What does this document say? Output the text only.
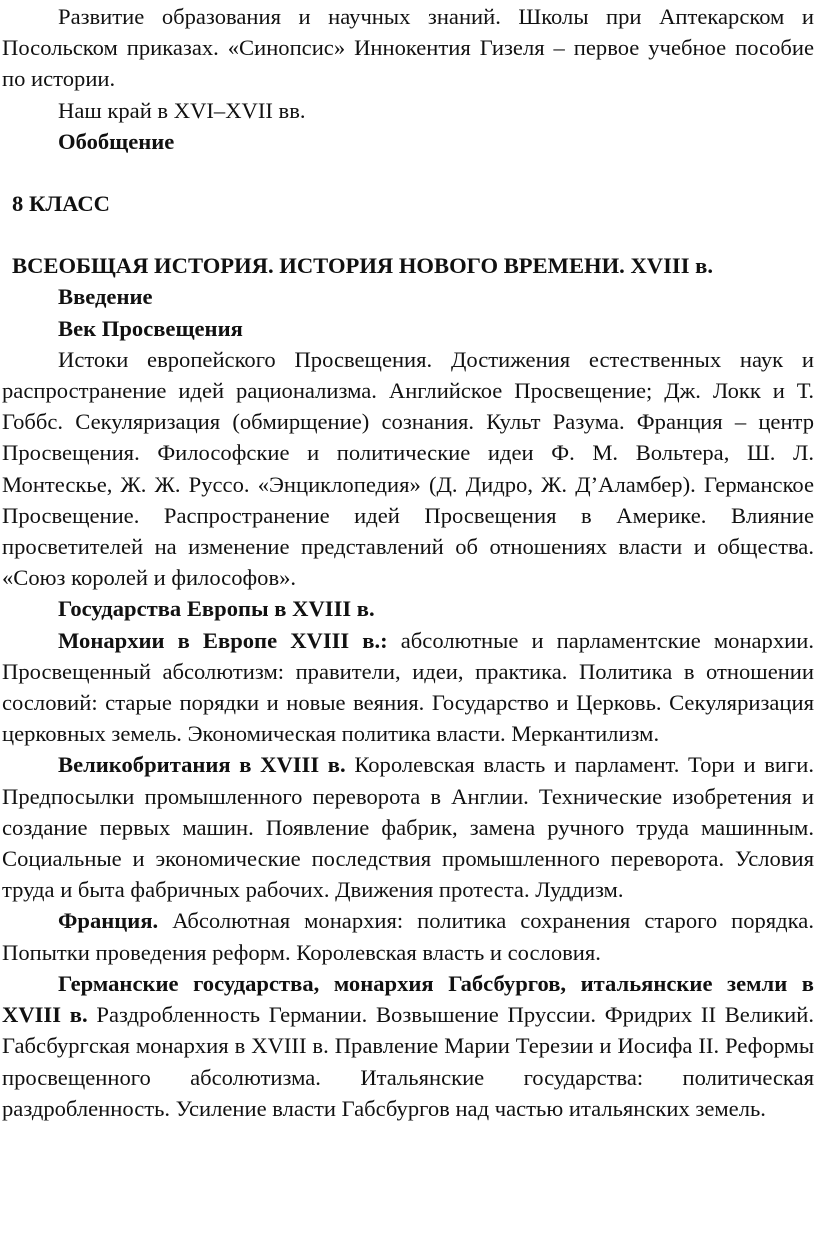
Развитие образования и научных знаний. Школы при Аптекарском и Посольском приказах. «Синопсис» Иннокентия Гизеля – первое учебное пособие по истории.

Наш край в XVI–XVII вв.

Обобщение

8 КЛАСС

ВСЕОБЩАЯ ИСТОРИЯ. ИСТОРИЯ НОВОГО ВРЕМЕНИ. XVIII в.

Введение

Век Просвещения

Истоки европейского Просвещения. Достижения естественных наук и распространение идей рационализма. Английское Просвещение; Дж. Локк и Т. Гоббс. Секуляризация (обмирщение) сознания. Культ Разума. Франция – центр Просвещения. Философские и политические идеи Ф. М. Вольтера, Ш. Л. Монтескье, Ж. Ж. Руссо. «Энциклопедия» (Д. Дидро, Ж. Д’Аламбер). Германское Просвещение. Распространение идей Просвещения в Америке. Влияние просветителей на изменение представлений об отношениях власти и общества. «Союз королей и философов».

Государства Европы в XVIII в.

Монархии в Европе XVIII в.: абсолютные и парламентские монархии. Просвещенный абсолютизм: правители, идеи, практика. Политика в отношении сословий: старые порядки и новые веяния. Государство и Церковь. Секуляризация церковных земель. Экономическая политика власти. Меркантилизм.

Великобритания в XVIII в. Королевская власть и парламент. Тори и виги. Предпосылки промышленного переворота в Англии. Технические изобретения и создание первых машин. Появление фабрик, замена ручного труда машинным. Социальные и экономические последствия промышленного переворота. Условия труда и быта фабричных рабочих. Движения протеста. Луддизм.

Франция. Абсолютная монархия: политика сохранения старого порядка. Попытки проведения реформ. Королевская власть и сословия.

Германские государства, монархия Габсбургов, итальянские земли в XVIII в. Раздробленность Германии. Возвышение Пруссии. Фридрих II Великий. Габсбургская монархия в XVIII в. Правление Марии Терезии и Иосифа II. Реформы просвещенного абсолютизма. Итальянские государства: политическая раздробленность. Усиление власти Габсбургов над частью итальянских земель.
